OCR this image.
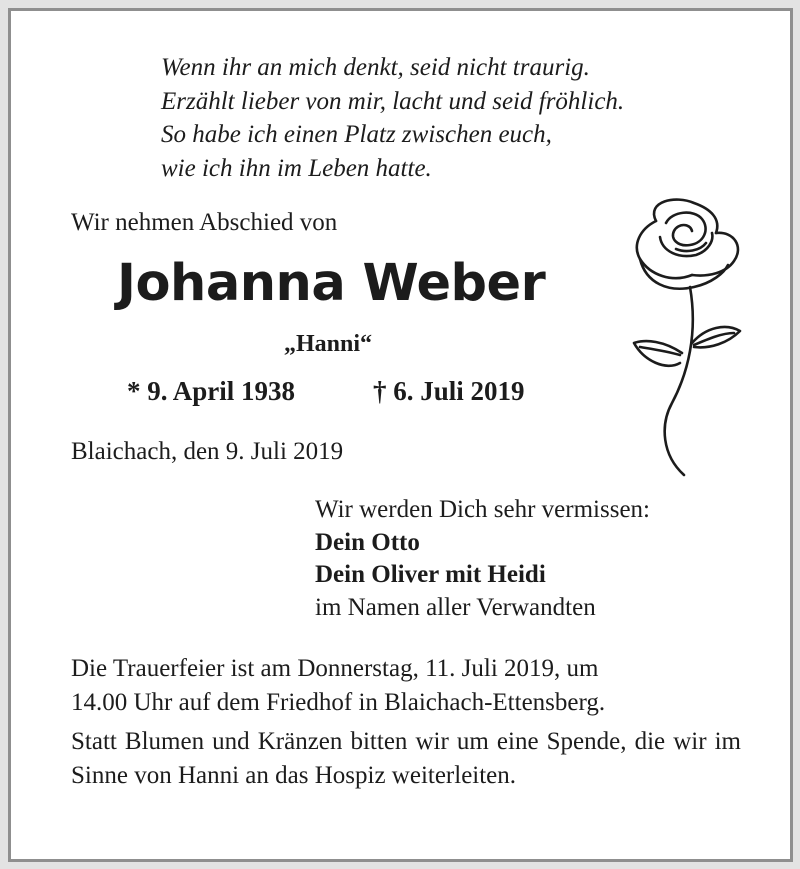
Wenn ihr an mich denkt, seid nicht traurig.
Erzählt lieber von mir, lacht und seid fröhlich.
So habe ich einen Platz zwischen euch,
wie ich ihn im Leben hatte.
Wir nehmen Abschied von
Johanna Weber
„Hanni“
* 9. April 1938	† 6. Juli 2019
Blaichach, den 9. Juli 2019
Wir werden Dich sehr vermissen:
Dein Otto
Dein Oliver mit Heidi
im Namen aller Verwandten
Die Trauerfeier ist am Donnerstag, 11. Juli 2019, um
14.00 Uhr auf dem Friedhof in Blaichach-Ettensberg.
Statt Blumen und Kränzen bitten wir um eine Spende, die wir im Sinne von Hanni an das Hospiz weiterleiten.
